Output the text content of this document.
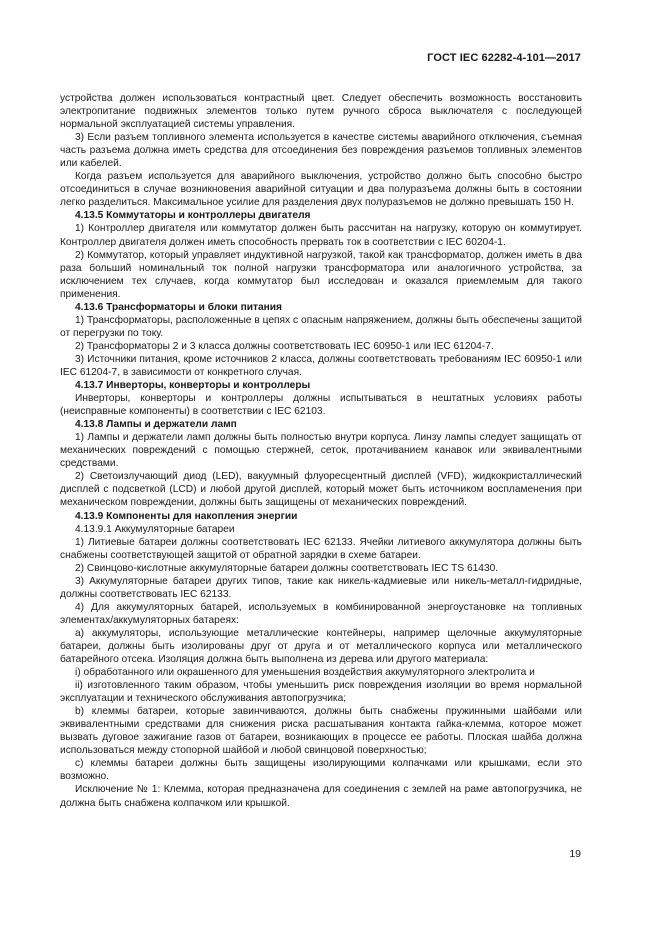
ГОСТ IEC 62282-4-101—2017

устройства должен использоваться контрастный цвет. Следует обеспечить возможность восстановить электропитание подвижных элементов только путем ручного сброса выключателя с последующей нормальной эксплуатацией системы управления.

3) Если разъем топливного элемента используется в качестве системы аварийного отключения, съемная часть разъема должна иметь средства для отсоединения без повреждения разъемов топливных элементов или кабелей.

Когда разъем используется для аварийного выключения, устройство должно быть способно быстро отсоединиться в случае возникновения аварийной ситуации и два полуразъема должны быть в состоянии легко разделиться. Максимальное усилие для разделения двух полуразъемов не должно превышать 150 Н.

4.13.5 Коммутаторы и контроллеры двигателя

1) Контроллер двигателя или коммутатор должен быть рассчитан на нагрузку, которую он коммутирует. Контроллер двигателя должен иметь способность прервать ток в соответствии с IEC 60204-1.

2) Коммутатор, который управляет индуктивной нагрузкой, такой как трансформатор, должен иметь в два раза больший номинальный ток полной нагрузки трансформатора или аналогичного устройства, за исключением тех случаев, когда коммутатор был исследован и оказался приемлемым для такого применения.

4.13.6 Трансформаторы и блоки питания

1) Трансформаторы, расположенные в цепях с опасным напряжением, должны быть обеспечены защитой от перегрузки по току.

2) Трансформаторы 2 и 3 класса должны соответствовать IEC 60950-1 или IEC 61204-7.

3) Источники питания, кроме источников 2 класса, должны соответствовать требованиям IEC 60950-1 или IEC 61204-7, в зависимости от конкретного случая.

4.13.7 Инверторы, конверторы и контроллеры

Инверторы, конверторы и контроллеры должны испытываться в нештатных условиях работы (неисправные компоненты) в соответствии с IEC 62103.

4.13.8 Лампы и держатели ламп

1) Лампы и держатели ламп должны быть полностью внутри корпуса. Линзу лампы следует защищать от механических повреждений с помощью стержней, сеток, протачиванием канавок или эквивалентными средствами.

2) Светоизлучающий диод (LED), вакуумный флуоресцентный дисплей (VFD), жидкокристаллический дисплей с подсветкой (LCD) и любой другой дисплей, который может быть источником воспламенения при механическом повреждении, должны быть защищены от механических повреждений.

4.13.9 Компоненты для накопления энергии

4.13.9.1 Аккумуляторные батареи

1) Литиевые батареи должны соответствовать IEC 62133. Ячейки литиевого аккумулятора должны быть снабжены соответствующей защитой от обратной зарядки в схеме батареи.

2) Свинцово-кислотные аккумуляторные батареи должны соответствовать IEC TS 61430.

3) Аккумуляторные батареи других типов, такие как никель-кадмиевые или никель-металл-гидридные, должны соответствовать IEC 62133.

4) Для аккумуляторных батарей, используемых в комбинированной энергоустановке на топливных элементах/аккумуляторных батареях:

a) аккумуляторы, использующие металлические контейнеры, например щелочные аккумуляторные батареи, должны быть изолированы друг от друга и от металлического корпуса или металлического батарейного отсека. Изоляция должна быть выполнена из дерева или другого материала:

i) обработанного или окрашенного для уменьшения воздействия аккумуляторного электролита и

ii) изготовленного таким образом, чтобы уменьшить риск повреждения изоляции во время нормальной эксплуатации и технического обслуживания автопогрузчика;

b) клеммы батареи, которые завинчиваются, должны быть снабжены пружинными шайбами или эквивалентными средствами для снижения риска расшатывания контакта гайка-клемма, которое может вызвать дуговое зажигание газов от батареи, возникающих в процессе ее работы. Плоская шайба должна использоваться между стопорной шайбой и любой свинцовой поверхностью;

c) клеммы батареи должны быть защищены изолирующими колпачками или крышками, если это возможно.

Исключение № 1: Клемма, которая предназначена для соединения с землей на раме автопогрузчика, не должна быть снабжена колпачком или крышкой.

19
